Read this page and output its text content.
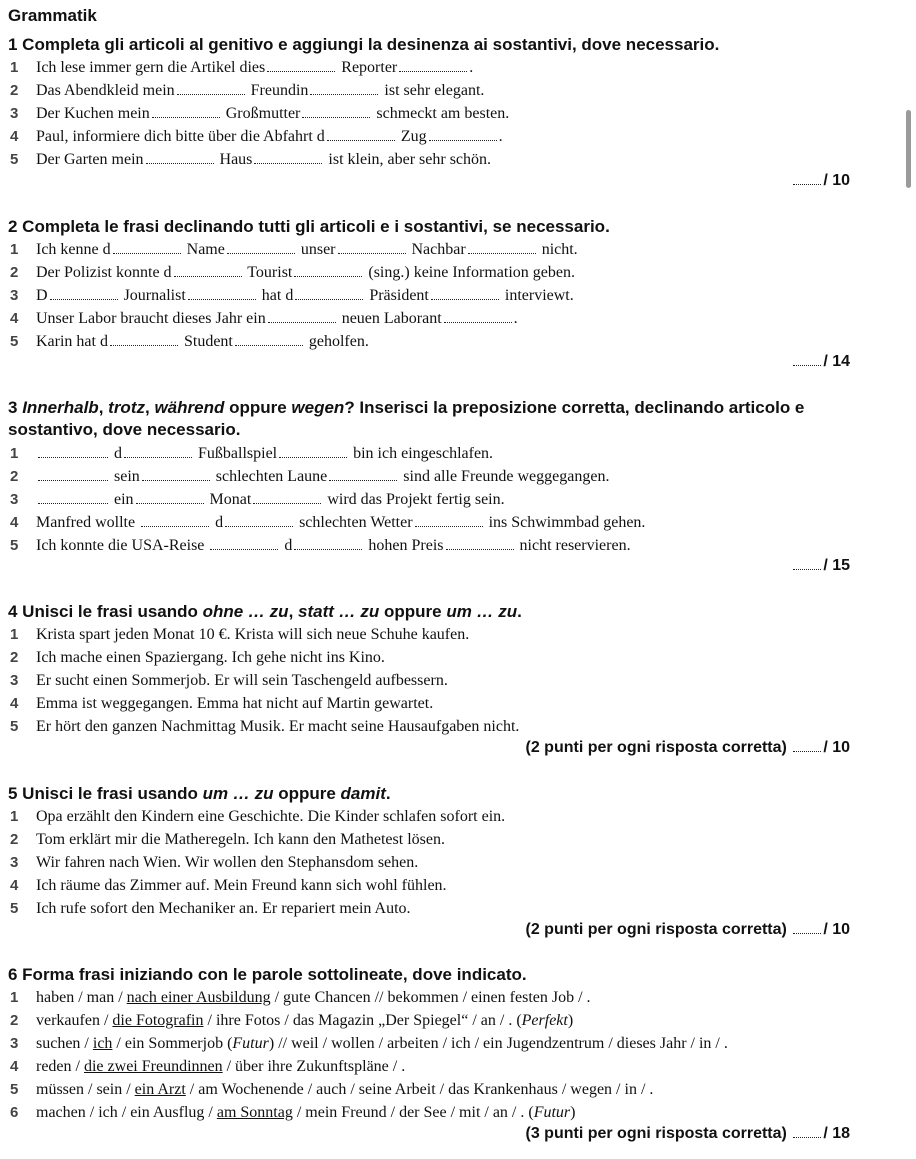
Grammatik
1 Completa gli articoli al genitivo e aggiungi la desinenza ai sostantivi, dove necessario.
1 Ich lese immer gern die Artikel dies	Reporter	.
2 Das Abendkleid mein	Freundin	ist sehr elegant.
3 Der Kuchen mein	Großmutter	schmeckt am besten.
4 Paul, informiere dich bitte über die Abfahrt d	Zug	.
5 Der Garten mein	Haus	ist klein, aber sehr schön.
/ 10
2 Completa le frasi declinando tutti gli articoli e i sostantivi, se necessario.
1 Ich kenne d	Name	unser	Nachbar	nicht.
2 Der Polizist konnte d	Tourist	(sing.) keine Information geben.
3 D	Journalist	hat d	Präsident	interviewt.
4 Unser Labor braucht dieses Jahr ein	neuen Laborant	.
5 Karin hat d	Student	geholfen.
/ 14
3 Innerhalb, trotz, während oppure wegen? Inserisci la preposizione corretta, declinando articolo e sostantivo, dove necessario.
1	d	Fußballspiel	bin ich eingeschlafen.
2	sein	schlechten Laune	sind alle Freunde weggegangen.
3	ein	Monat	wird das Projekt fertig sein.
4 Manfred wollte	d	schlechten Wetter	ins Schwimmbad gehen.
5 Ich konnte die USA-Reise	d	hohen Preis	nicht reservieren.
/ 15
4 Unisci le frasi usando ohne … zu, statt … zu oppure um … zu.
1 Krista spart jeden Monat 10 €. Krista will sich neue Schuhe kaufen.
2 Ich mache einen Spaziergang. Ich gehe nicht ins Kino.
3 Er sucht einen Sommerjob. Er will sein Taschengeld aufbessern.
4 Emma ist weggegangen. Emma hat nicht auf Martin gewartet.
5 Er hört den ganzen Nachmittag Musik. Er macht seine Hausaufgaben nicht.
(2 punti per ogni risposta corretta) / 10
5 Unisci le frasi usando um … zu oppure damit.
1 Opa erzählt den Kindern eine Geschichte. Die Kinder schlafen sofort ein.
2 Tom erklärt mir die Matheregeln. Ich kann den Mathetest lösen.
3 Wir fahren nach Wien. Wir wollen den Stephansdom sehen.
4 Ich räume das Zimmer auf. Mein Freund kann sich wohl fühlen.
5 Ich rufe sofort den Mechaniker an. Er repariert mein Auto.
(2 punti per ogni risposta corretta) / 10
6 Forma frasi iniziando con le parole sottolineate, dove indicato.
1 haben / man / nach einer Ausbildung / gute Chancen // bekommen / einen festen Job / .
2 verkaufen / die Fotografin / ihre Fotos / das Magazin „Der Spiegel“ / an / . (Perfekt)
3 suchen / ich / ein Sommerjob (Futur) // weil / wollen / arbeiten / ich / ein Jugendzentrum / dieses Jahr / in / .
4 reden / die zwei Freundinnen / über ihre Zukunftspläne / .
5 müssen / sein / ein Arzt / am Wochenende / auch / seine Arbeit / das Krankenhaus / wegen / in / .
6 machen / ich / ein Ausflug / am Sonntag / mein Freund / der See / mit / an / . (Futur)
(3 punti per ogni risposta corretta) / 18
